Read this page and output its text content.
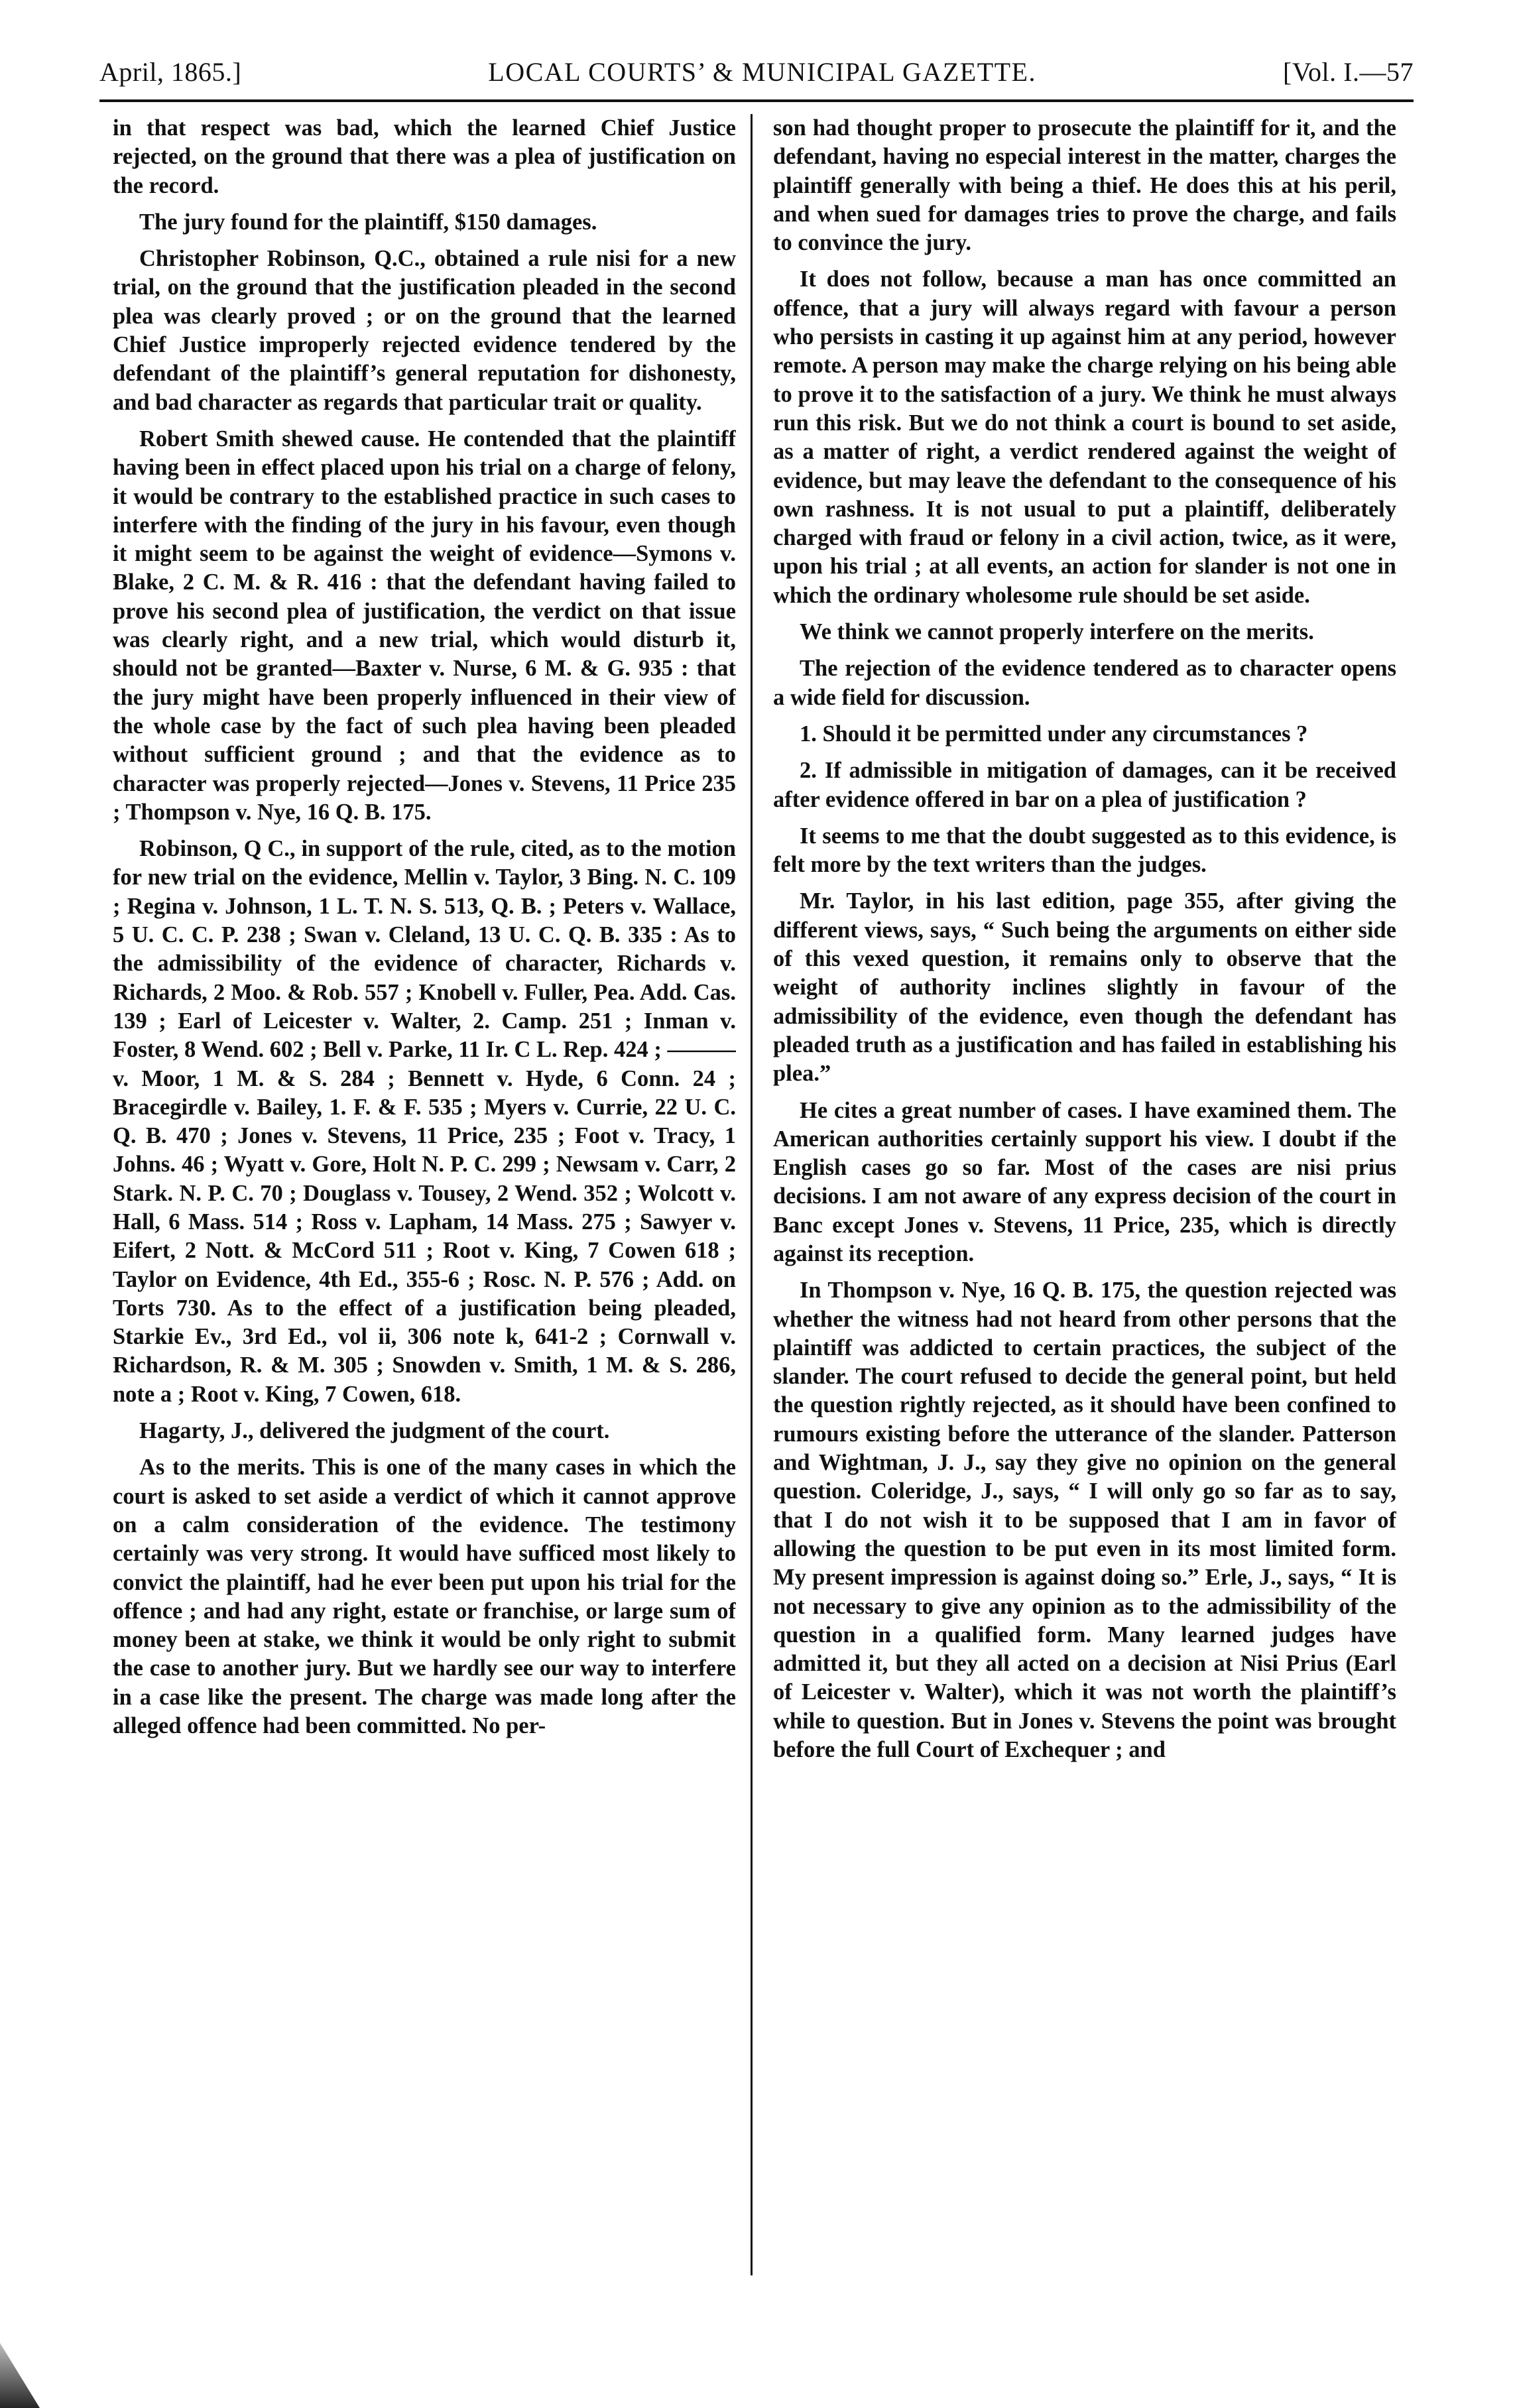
April, 1865.]	LOCAL COURTS’ & MUNICIPAL GAZETTE.	[Vol. I.—57

in that respect was bad, which the learned Chief Justice rejected, on the ground that there was a plea of justification on the record.

The jury found for the plaintiff, $150 damages.

Christopher Robinson, Q.C., obtained a rule nisi for a new trial, on the ground that the justification pleaded in the second plea was clearly proved ; or on the ground that the learned Chief Justice improperly rejected evidence tendered by the defendant of the plaintiff’s general reputation for dishonesty, and bad character as regards that particular trait or quality.

Robert Smith shewed cause. He contended that the plaintiff having been in effect placed upon his trial on a charge of felony, it would be contrary to the established practice in such cases to interfere with the finding of the jury in his favour, even though it might seem to be against the weight of evidence—Symons v. Blake, 2 C. M. & R. 416 : that the defendant having failed to prove his second plea of justification, the verdict on that issue was clearly right, and a new trial, which would disturb it, should not be granted—Baxter v. Nurse, 6 M. & G. 935 : that the jury might have been properly influenced in their view of the whole case by the fact of such plea having been pleaded without sufficient ground ; and that the evidence as to character was properly rejected—Jones v. Stevens, 11 Price 235 ; Thompson v. Nye, 16 Q. B. 175.

Robinson, Q C., in support of the rule, cited, as to the motion for new trial on the evidence, Mellin v. Taylor, 3 Bing. N. C. 109 ; Regina v. Johnson, 1 L. T. N. S. 513, Q. B. ; Peters v. Wallace, 5 U. C. C. P. 238 ; Swan v. Cleland, 13 U. C. Q. B. 335 : As to the admissibility of the evidence of character, Richards v. Richards, 2 Moo. & Rob. 557 ; Knobell v. Fuller, Pea. Add. Cas. 139 ; Earl of Leicester v. Walter, 2. Camp. 251 ; Inman v. Foster, 8 Wend. 602 ; Bell v. Parke, 11 Ir. C L. Rep. 424 ; ——— v. Moor, 1 M. & S. 284 ; Bennett v. Hyde, 6 Conn. 24 ; Bracegirdle v. Bailey, 1. F. & F. 535 ; Myers v. Currie, 22 U. C. Q. B. 470 ; Jones v. Stevens, 11 Price, 235 ; Foot v. Tracy, 1 Johns. 46 ; Wyatt v. Gore, Holt N. P. C. 299 ; Newsam v. Carr, 2 Stark. N. P. C. 70 ; Douglass v. Tousey, 2 Wend. 352 ; Wolcott v. Hall, 6 Mass. 514 ; Ross v. Lapham, 14 Mass. 275 ; Sawyer v. Eifert, 2 Nott. & McCord 511 ; Root v. King, 7 Cowen 618 ; Taylor on Evidence, 4th Ed., 355-6 ; Rosc. N. P. 576 ; Add. on Torts 730. As to the effect of a justification being pleaded, Starkie Ev., 3rd Ed., vol ii, 306 note k, 641-2 ; Cornwall v. Richardson, R. & M. 305 ; Snowden v. Smith, 1 M. & S. 286, note a ; Root v. King, 7 Cowen, 618.

Hagarty, J., delivered the judgment of the court.

As to the merits. This is one of the many cases in which the court is asked to set aside a verdict of which it cannot approve on a calm consideration of the evidence. The testimony certainly was very strong. It would have sufficed most likely to convict the plaintiff, had he ever been put upon his trial for the offence ; and had any right, estate or franchise, or large sum of money been at stake, we think it would be only right to submit the case to another jury. But we hardly see our way to interfere in a case like the present. The charge was made long after the alleged offence had been committed. No per-

son had thought proper to prosecute the plaintiff for it, and the defendant, having no especial interest in the matter, charges the plaintiff generally with being a thief. He does this at his peril, and when sued for damages tries to prove the charge, and fails to convince the jury.

It does not follow, because a man has once committed an offence, that a jury will always regard with favour a person who persists in casting it up against him at any period, however remote. A person may make the charge relying on his being able to prove it to the satisfaction of a jury. We think he must always run this risk. But we do not think a court is bound to set aside, as a matter of right, a verdict rendered against the weight of evidence, but may leave the defendant to the consequence of his own rashness. It is not usual to put a plaintiff, deliberately charged with fraud or felony in a civil action, twice, as it were, upon his trial ; at all events, an action for slander is not one in which the ordinary wholesome rule should be set aside.

We think we cannot properly interfere on the merits.

The rejection of the evidence tendered as to character opens a wide field for discussion.

1. Should it be permitted under any circumstances ?

2. If admissible in mitigation of damages, can it be received after evidence offered in bar on a plea of justification ?

It seems to me that the doubt suggested as to this evidence, is felt more by the text writers than the judges.

Mr. Taylor, in his last edition, page 355, after giving the different views, says, “ Such being the arguments on either side of this vexed question, it remains only to observe that the weight of authority inclines slightly in favour of the admissibility of the evidence, even though the defendant has pleaded truth as a justification and has failed in establishing his plea.”

He cites a great number of cases. I have examined them. The American authorities certainly support his view. I doubt if the English cases go so far. Most of the cases are nisi prius decisions. I am not aware of any express decision of the court in Banc except Jones v. Stevens, 11 Price, 235, which is directly against its reception.

In Thompson v. Nye, 16 Q. B. 175, the question rejected was whether the witness had not heard from other persons that the plaintiff was addicted to certain practices, the subject of the slander. The court refused to decide the general point, but held the question rightly rejected, as it should have been confined to rumours existing before the utterance of the slander. Patterson and Wightman, J. J., say they give no opinion on the general question. Coleridge, J., says, “ I will only go so far as to say, that I do not wish it to be supposed that I am in favor of allowing the question to be put even in its most limited form. My present impression is against doing so.” Erle, J., says, “ It is not necessary to give any opinion as to the admissibility of the question in a qualified form. Many learned judges have admitted it, but they all acted on a decision at Nisi Prius (Earl of Leicester v. Walter), which it was not worth the plaintiff’s while to question. But in Jones v. Stevens the point was brought before the full Court of Exchequer ; and
